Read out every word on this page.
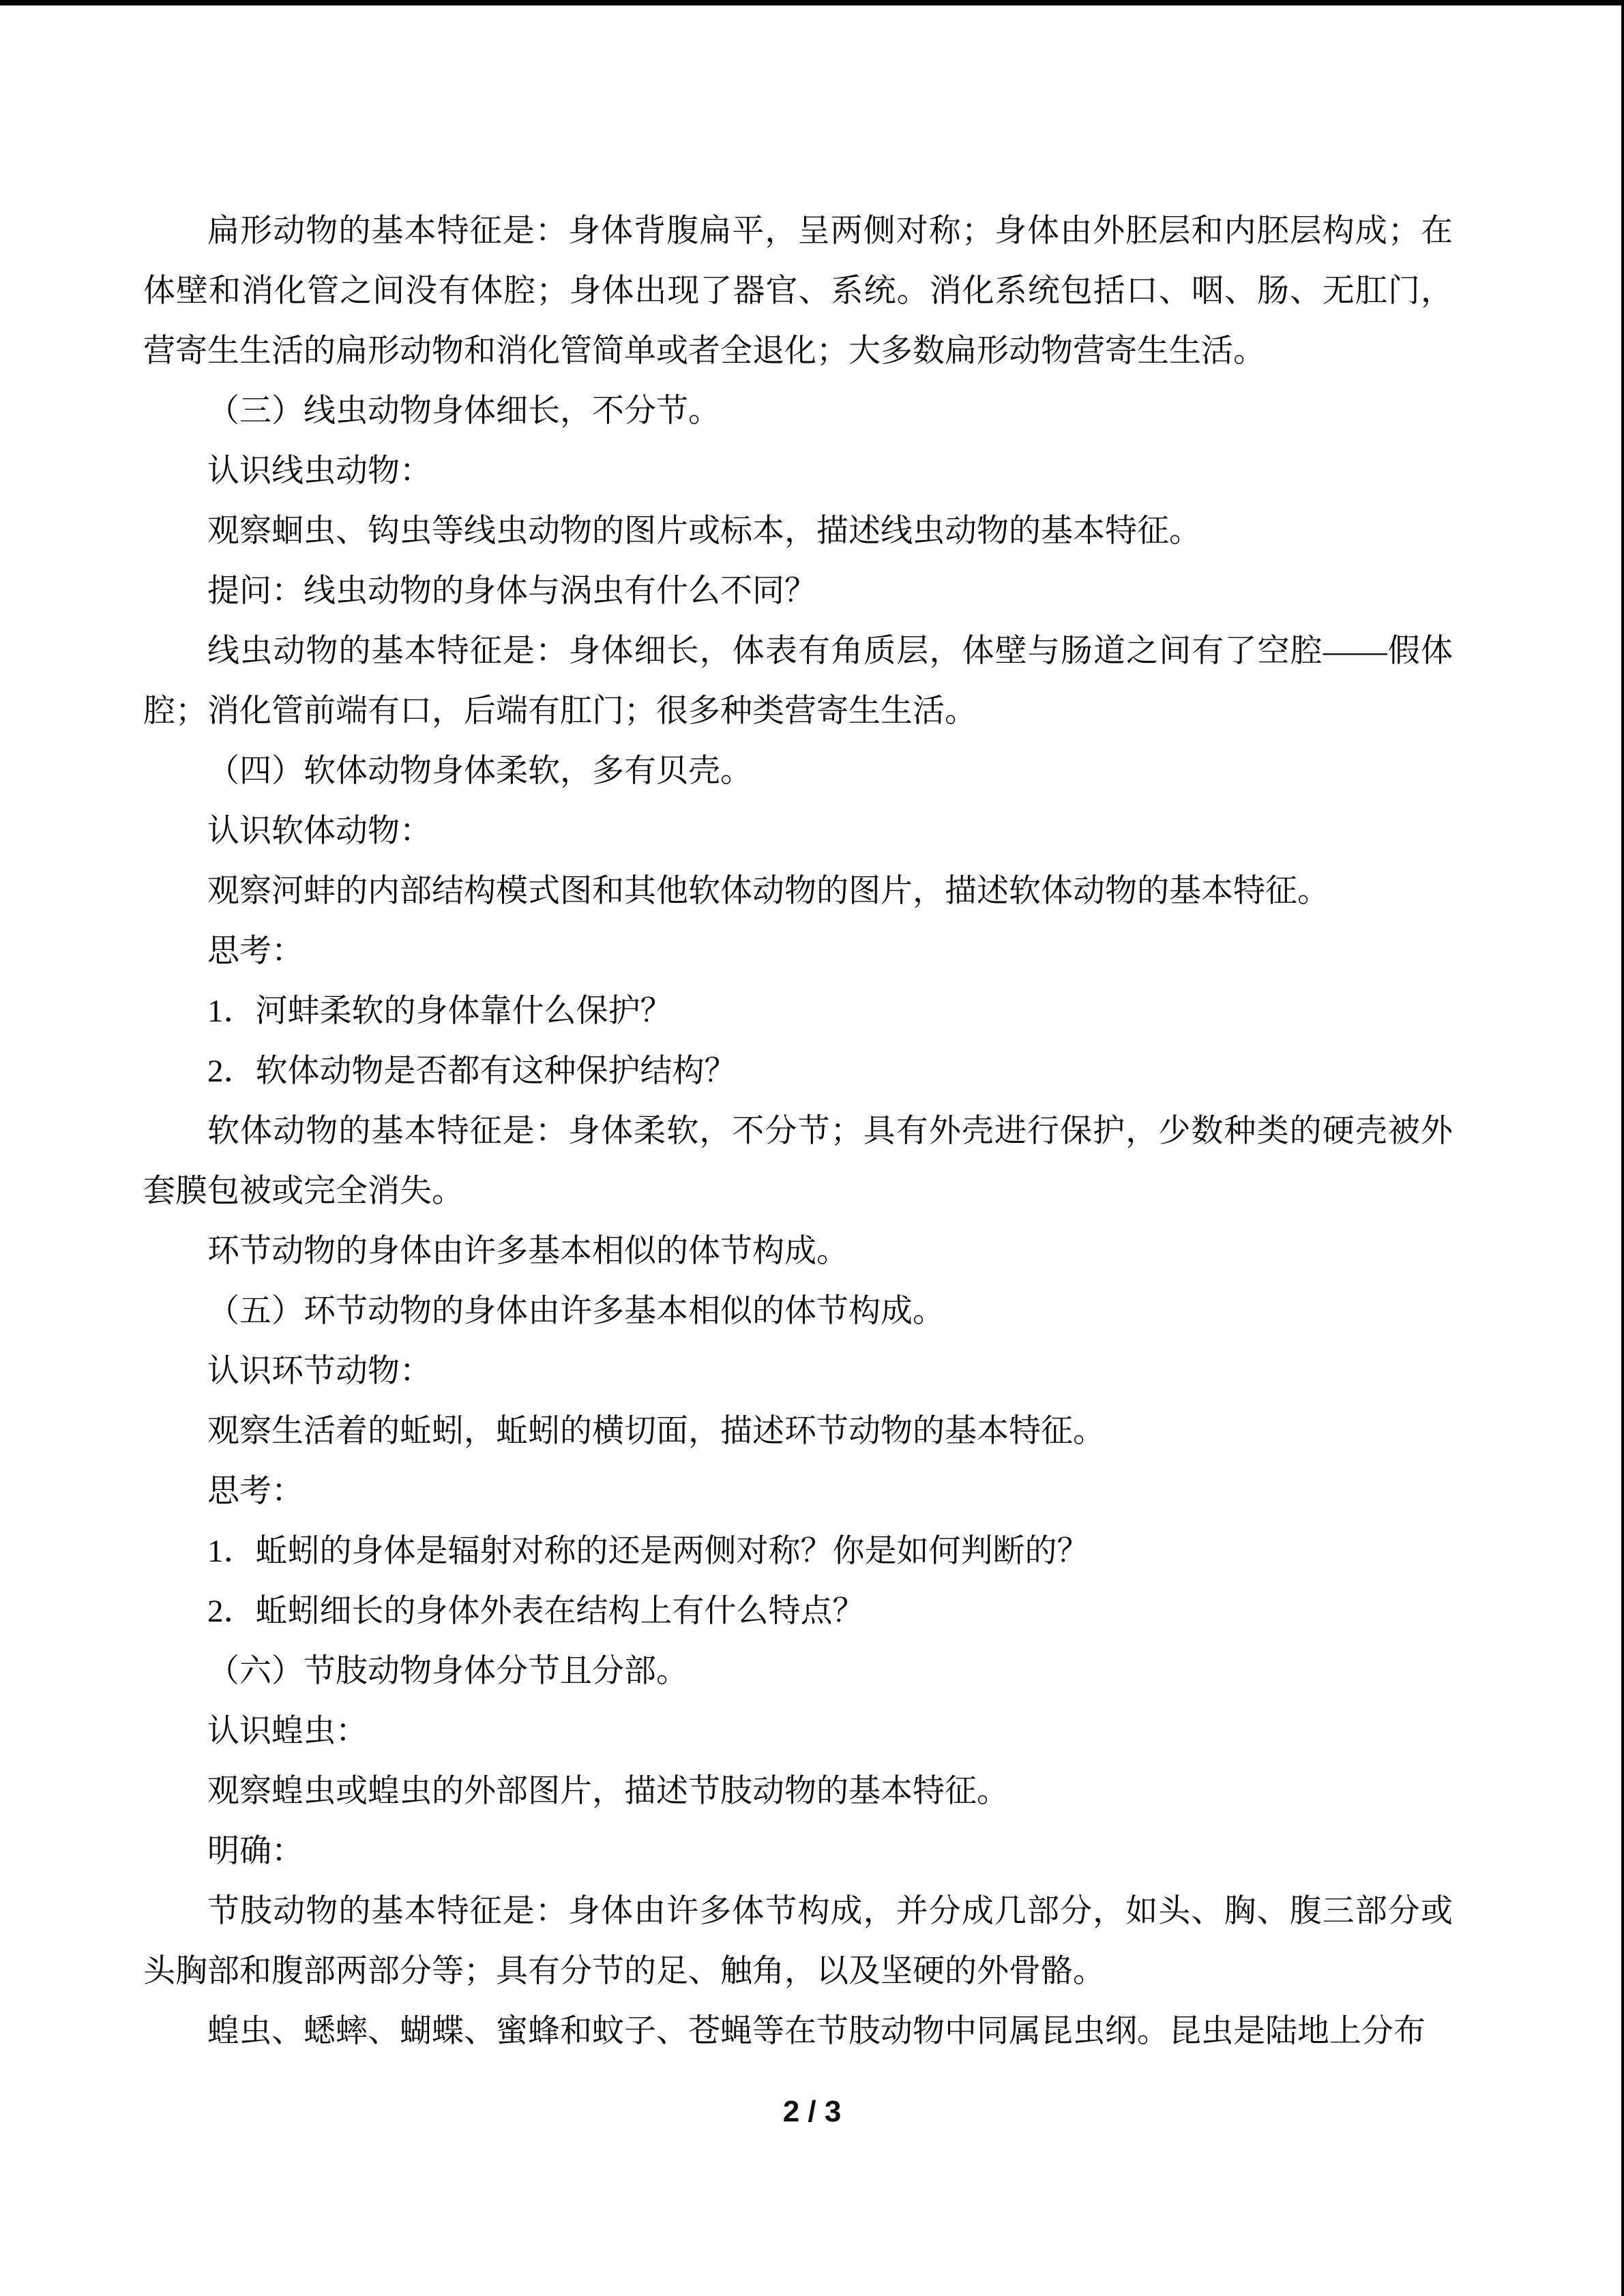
扁形动物的基本特征是：身体背腹扁平，呈两侧对称；身体由外胚层和内胚层构成；在体壁和消化管之间没有体腔；身体出现了器官、系统。消化系统包括口、咽、肠、无肛门，营寄生生活的扁形动物和消化管简单或者全退化；大多数扁形动物营寄生生活。

（三）线虫动物身体细长，不分节。

认识线虫动物：

观察蛔虫、钩虫等线虫动物的图片或标本，描述线虫动物的基本特征。

提问：线虫动物的身体与涡虫有什么不同？

线虫动物的基本特征是：身体细长，体表有角质层，体壁与肠道之间有了空腔——假体腔；消化管前端有口，后端有肛门；很多种类营寄生生活。

（四）软体动物身体柔软，多有贝壳。

认识软体动物：

观察河蚌的内部结构模式图和其他软体动物的图片，描述软体动物的基本特征。

思考：

1．河蚌柔软的身体靠什么保护？

2．软体动物是否都有这种保护结构？

软体动物的基本特征是：身体柔软，不分节；具有外壳进行保护，少数种类的硬壳被外套膜包被或完全消失。

环节动物的身体由许多基本相似的体节构成。

（五）环节动物的身体由许多基本相似的体节构成。

认识环节动物：

观察生活着的蚯蚓，蚯蚓的横切面，描述环节动物的基本特征。

思考：

1．蚯蚓的身体是辐射对称的还是两侧对称？你是如何判断的？

2．蚯蚓细长的身体外表在结构上有什么特点？

（六）节肢动物身体分节且分部。

认识蝗虫：

观察蝗虫或蝗虫的外部图片，描述节肢动物的基本特征。

明确：

节肢动物的基本特征是：身体由许多体节构成，并分成几部分，如头、胸、腹三部分或头胸部和腹部两部分等；具有分节的足、触角，以及坚硬的外骨骼。

蝗虫、蟋蟀、蝴蝶、蜜蜂和蚊子、苍蝇等在节肢动物中同属昆虫纲。昆虫是陆地上分布

2 / 3
